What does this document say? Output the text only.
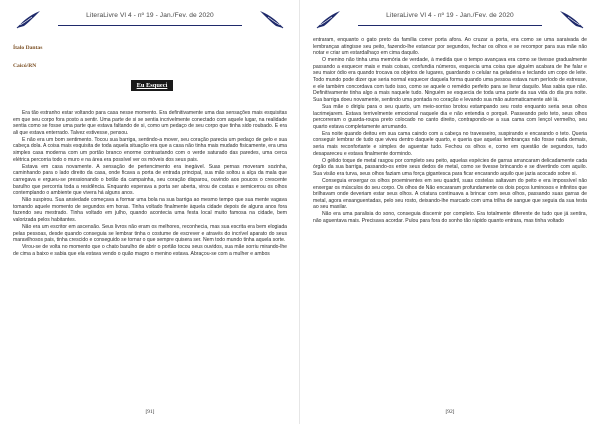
LiteraLivre Vl 4 - nº 19 - Jan./Fev. de 2020
Ítalo Dantas
Caicó/RN
Eu Esqueci

Era tão estranho estar voltando para casa nesse momento. Era definitivamente uma das sensações mais esquisitas em que seu corpo fora posto a sentir. Uma parte de si se sentia incrivelmente conectado com aquele lugar, na realidade sentia como se fosse uma parte que estava faltando de si, como um pedaço de seu corpo que tinha sido roubado. E era ali que estava enterrado. Talvez estivesse, pensou.

E não era um bom sentimento. Tocou sua barriga, sentindo-a mover, seu coração parecia um pedaço de gelo e sua cabeça dola. A coisa mais esquisita de toda aquela situação era que a casa não tinha mais mudado fisicamente, era uma simples casa moderna com um portão branco enorme contrastando com o verde saturado das paredes, uma cerca elétrica percorria todo o muro e na área era possível ver os móveis dos seus pais.

Estava em casa novamente. A sensação de pertencimento era inegável. Suas pernas moveram sozinha, caminhando para o lado direito da casa, onde ficava a porta de entrada principal, sua mão soltou a alça da mala que carregava e ergueu-se pressionando o botão da campainha, seu coração disparou, ouvindo aos poucos o crescente barulho que percorria toda a residência. Enquanto esperava a porta ser aberta, virou de costas e semicerrou os olhos contemplando o ambiente que vivera há alguns anos.

Não suspirou. Sua ansiedade começava a formar uma bola na sua barriga ao mesmo tempo que sua mente vagava tomando aquele momento de segundos em horas. Tinha voltado finalmente àquela cidade depois de alguns anos fora fazendo seu mestrado. Tinha voltado em julho, quando acontecia uma festa local muito famosa na cidade, bem valorizada pelos habitantes.

Não era um escritor em ascensão. Seus livros não eram os melhores, reconhecia, mas sua escrita era bem elogiada pelas pessoas, desde quando conseguia se lembrar tinha o costume de escrever e através do incrível aparato do seus maravilhosos pais, tinha crescido e conseguido se tornar o que sempre quisera ser. Nem todo mundo tinha aquela sorte.

Virou-se de volta no momento que o chato barulho de abrir o portão tocou seus ouvidos, sua mãe sorriu mirando-lhe de cima a baixo e sabia que ela estava vendo o quão magro o menino estava. Abraçou-se com a mulher e ambos

[91]
LiteraLivre Vl 4 - nº 19 - Jan./Fev. de 2020

entraram, enquanto o gato preto da família correr porta afora. Ao cruzar a porta, era como se uma saraivada de lembranças atingisse seu peito, fazendo-lhe estancar por segundos, fechar os olhos e se recompor para sua mãe não notar e criar um estardalhaço em cima daquilo.

O menino não tinha uma memória de verdade, à medida que o tempo avançava era como se tivesse gradualmente passando a esquecer mais e mais coisas, confundia números, esquecia uma coisa que alguém acabara de lhe falar e seu maior ódio era quando trocava os objetos de lugares, guardando o celular na geladeira e teclando um copo de leite. Todo mundo pode dizer que seria normal esquecer daquela forma quando uma pessoa estava num período de estresse, e ele também concordava com tudo isso, como se aquele o remédio perfeito para se livrar daquilo. Mas sabia que não. Definitivamente tinha algo a mais naquele tudo. Ninguém se esquecia de toda uma parte da sua vida do dia pra noite. Sua barriga doeu novamente, sentindo uma pontada no coração e levando sua mão automaticamente até lá.

Sua mãe o dirigiu para o seu quarto, um meio-sorriso brotou estampando seu rosto enquanto seria seus olhos lacrimejarem. Estava terrivelmente emocional naquele dia e não entendia o porquê. Passeando pelo teto, seus olhos percorreram o guarda-roupa preto colocado no canto direito, contrapondo-se a sua cama com lençol vermelho, seu quarto estava completamente arrumando.

Era noite quando deitou em sua cama caindo com a cabeça no travesseiro, suspirando e encarando o teto. Queria conseguir lembrar de tudo que viveu dentro daquele quarto, e queria que aquelas lembranças não fosse nada demais, seria mais reconfortante e simples de aguentar tudo. Fechou os olhos e, como em questão de segundos, tudo desapareceu e estava finalmente dormindo.

O gélido toque de metal rasgou por completo seu peito, aquelas espécies de garras arrancaram delicadamente cada órgão da sua barriga, passando-os entre seus dedos de metal, como se tivesse brincando e se divertindo com aquilo. Sua visão era turva, seus olhos faziam uma força gigantesca para ficar encarando aquilo que jazia acocado sobre si.

Conseguia enxergar os olhos proeminentes em seu quadril, suas costelas saltavam do peito e era impossível não enxergar os músculos do seu corpo. Os olhos de Não encararam profundamente os dois poços luminosos e infinitos que brilhavam onde deveriam estar seus olhos. A criatura continuava a brincar com seus olhos, passando suas garras de metal, agora ensanguentadas, pelo seu rosto, deixando-lhe marcado com uma trilha de sangue que seguia da sua testa ao seu maxilar.

Não era uma paralisia do sono, conseguia discernir por completo. Era totalmente diferente de tudo que já sentira, não aguentava mais. Precisava acordar. Pulou para fora do sonho tão rápido quanto entrara, mas tinha voltado

[92]
